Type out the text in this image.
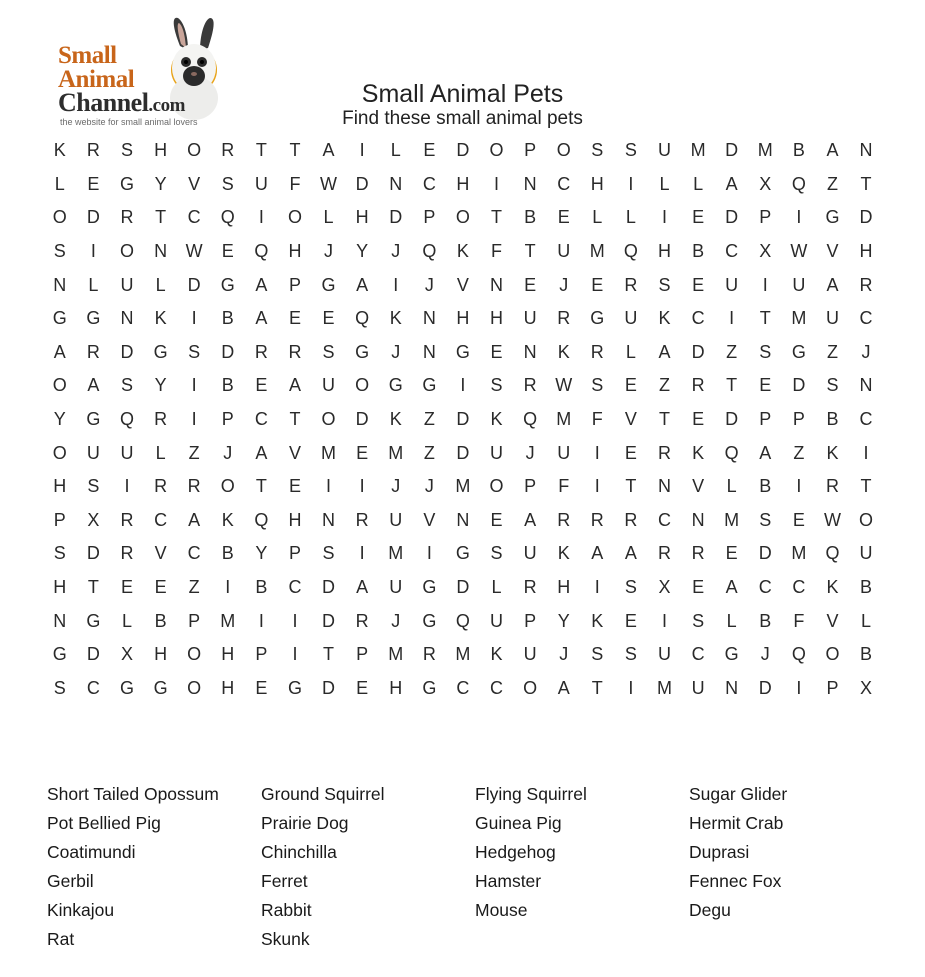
Small
Animal
Channel.com
the website for small animal lovers
Small Animal Pets
Find these small animal pets
K	R	S	H	O	R	T	T	A	I	L	E	D	O	P	O	S	S	U	M	D	M	B	A	N
L	E	G	Y	V	S	U	F	W	D	N	C	H	I	N	C	H	I	L	L	A	X	Q	Z	T
O	D	R	T	C	Q	I	O	L	H	D	P	O	T	B	E	L	L	I	E	D	P	I	G	D
S	I	O	N	W	E	Q	H	J	Y	J	Q	K	F	T	U	M	Q	H	B	C	X	W	V	H
N	L	U	L	D	G	A	P	G	A	I	J	V	N	E	J	E	R	S	E	U	I	U	A	R
G	G	N	K	I	B	A	E	E	Q	K	N	H	H	U	R	G	U	K	C	I	T	M	U	C
A	R	D	G	S	D	R	R	S	G	J	N	G	E	N	K	R	L	A	D	Z	S	G	Z	J
O	A	S	Y	I	B	E	A	U	O	G	G	I	S	R	W	S	E	Z	R	T	E	D	S	N
Y	G	Q	R	I	P	C	T	O	D	K	Z	D	K	Q	M	F	V	T	E	D	P	P	B	C
O	U	U	L	Z	J	A	V	M	E	M	Z	D	U	J	U	I	E	R	K	Q	A	Z	K	I
H	S	I	R	R	O	T	E	I	I	J	J	M	O	P	F	I	T	N	V	L	B	I	R	T
P	X	R	C	A	K	Q	H	N	R	U	V	N	E	A	R	R	R	C	N	M	S	E	W	O
S	D	R	V	C	B	Y	P	S	I	M	I	G	S	U	K	A	A	R	R	E	D	M	Q	U
H	T	E	E	Z	I	B	C	D	A	U	G	D	L	R	H	I	S	X	E	A	C	C	K	B
N	G	L	B	P	M	I	I	D	R	J	G	Q	U	P	Y	K	E	I	S	L	B	F	V	L
G	D	X	H	O	H	P	I	T	P	M	R	M	K	U	J	S	S	U	C	G	J	Q	O	B
S	C	G	G	O	H	E	G	D	E	H	G	C	C	O	A	T	I	M	U	N	D	I	P	X
Short Tailed Opossum
Pot Bellied Pig
Coatimundi
Gerbil
Kinkajou
Rat
Ground Squirrel
Prairie Dog
Chinchilla
Ferret
Rabbit
Skunk
Flying Squirrel
Guinea Pig
Hedgehog
Hamster
Mouse
Sugar Glider
Hermit Crab
Duprasi
Fennec Fox
Degu
